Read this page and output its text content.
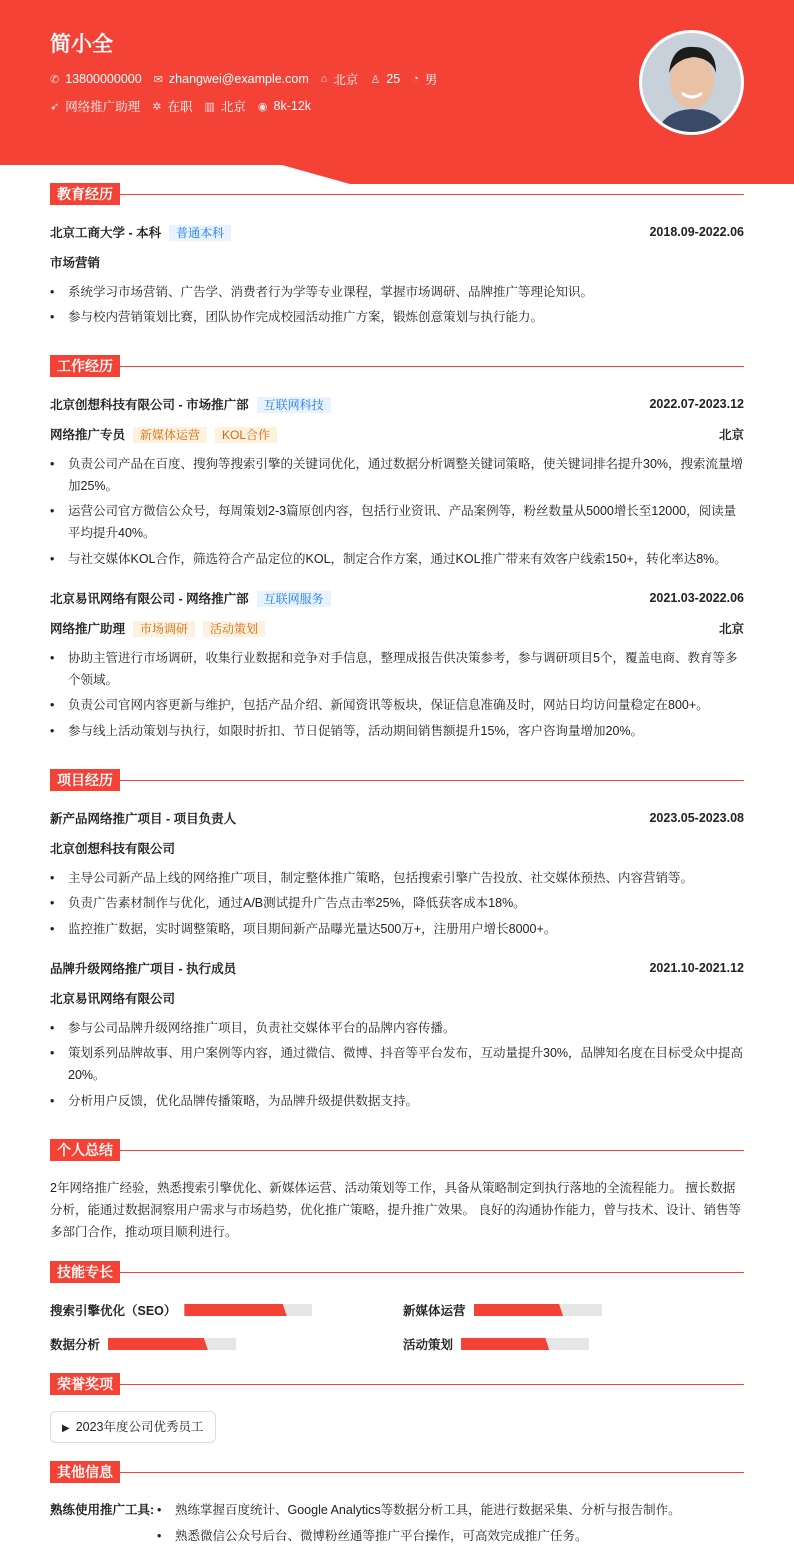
简小全
✆ 13800000000 ✉ zhangwei@example.com ⌂ 北京 ♙ 25 ◔ 男
➶ 网络推广助理 ✲ 在职 ▥ 北京 ◉ 8k-12k
教育经历
北京工商大学 - 本科 普通本科	2018.09-2022.06
市场营销
• 系统学习市场营销、广告学、消费者行为学等专业课程，掌握市场调研、品牌推广等理论知识。
• 参与校内营销策划比赛，团队协作完成校园活动推广方案，锻炼创意策划与执行能力。
工作经历
北京创想科技有限公司 - 市场推广部 互联网科技	2022.07-2023.12
网络推广专员 新媒体运营 KOL合作	北京
• 负责公司产品在百度、搜狗等搜索引擎的关键词优化，通过数据分析调整关键词策略，使关键词排名提升30%，搜索流量增加25%。
• 运营公司官方微信公众号，每周策划2-3篇原创内容，包括行业资讯、产品案例等，粉丝数量从5000增长至12000，阅读量平均提升40%。
• 与社交媒体KOL合作，筛选符合产品定位的KOL，制定合作方案，通过KOL推广带来有效客户线索150+，转化率达8%。
北京易讯网络有限公司 - 网络推广部 互联网服务	2021.03-2022.06
网络推广助理 市场调研 活动策划	北京
• 协助主管进行市场调研，收集行业数据和竞争对手信息，整理成报告供决策参考，参与调研项目5个，覆盖电商、教育等多个领域。
• 负责公司官网内容更新与维护，包括产品介绍、新闻资讯等板块，保证信息准确及时，网站日均访问量稳定在800+。
• 参与线上活动策划与执行，如限时折扣、节日促销等，活动期间销售额提升15%，客户咨询量增加20%。
项目经历
新产品网络推广项目 - 项目负责人	2023.05-2023.08
北京创想科技有限公司
• 主导公司新产品上线的网络推广项目，制定整体推广策略，包括搜索引擎广告投放、社交媒体预热、内容营销等。
• 负责广告素材制作与优化，通过A/B测试提升广告点击率25%，降低获客成本18%。
• 监控推广数据，实时调整策略，项目期间新产品曝光量达500万+，注册用户增长8000+。
品牌升级网络推广项目 - 执行成员	2021.10-2021.12
北京易讯网络有限公司
• 参与公司品牌升级网络推广项目，负责社交媒体平台的品牌内容传播。
• 策划系列品牌故事、用户案例等内容，通过微信、微博、抖音等平台发布，互动量提升30%，品牌知名度在目标受众中提高20%。
• 分析用户反馈，优化品牌传播策略，为品牌升级提供数据支持。
个人总结
2年网络推广经验，熟悉搜索引擎优化、新媒体运营、活动策划等工作，具备从策略制定到执行落地的全流程能力。 擅长数据分析，能通过数据洞察用户需求与市场趋势，优化推广策略，提升推广效果。 良好的沟通协作能力，曾与技术、设计、销售等多部门合作，推动项目顺利进行。
技能专长
搜索引擎优化（SEO）	新媒体运营
数据分析	活动策划
荣誉奖项
▶ 2023年度公司优秀员工
其他信息
熟练使用推广工具:	• 熟练掌握百度统计、Google Analytics等数据分析工具，能进行数据采集、分析与报告制作。
• 熟悉微信公众号后台、微博粉丝通等推广平台操作，可高效完成推广任务。
